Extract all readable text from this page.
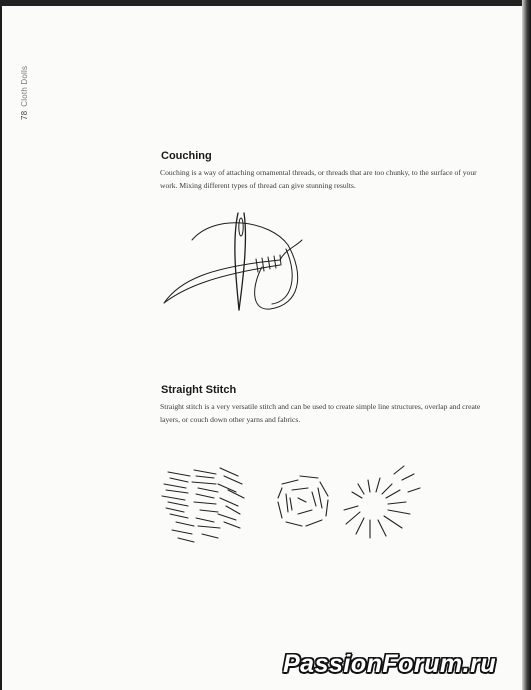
78Cloth Dolls
Couching
Couching is a way of attaching ornamental threads, or threads that are too chunky, to the surface of your work. Mixing different types of thread can give stunning results.
Straight Stitch
Straight stitch is a very versatile stitch and can be used to create simple line structures, overlap and create layers, or couch down other yarns and fabrics.
PassionForum.ru
